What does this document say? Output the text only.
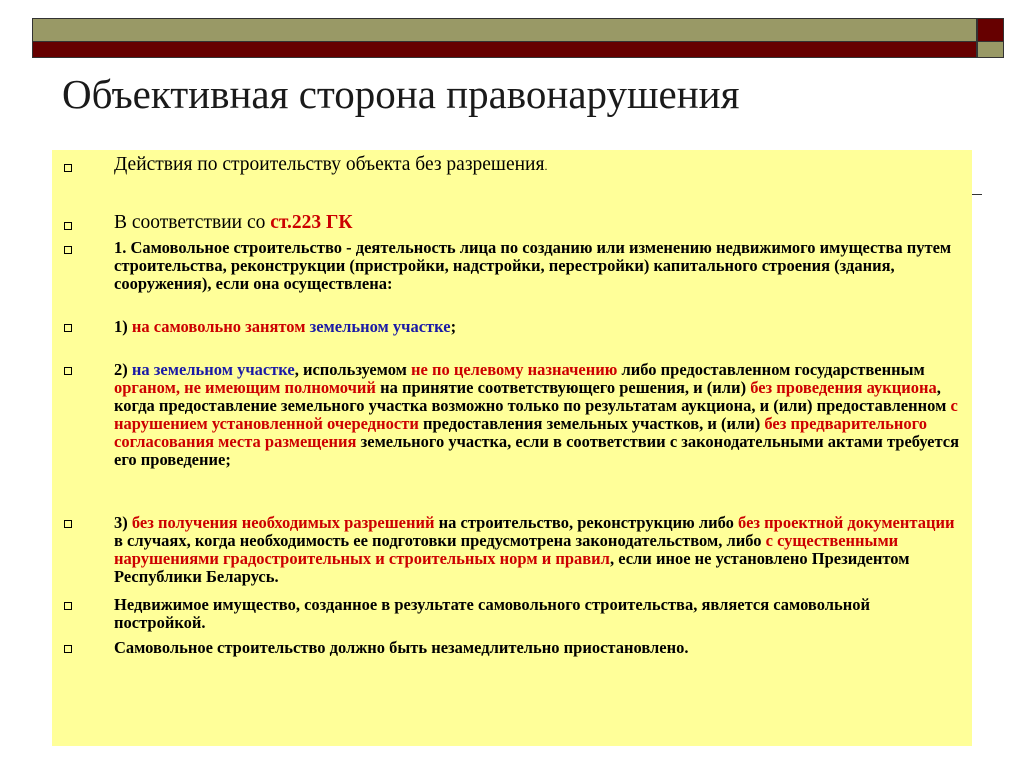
Объективная сторона правонарушения

Действия по строительству объекта без разрешения.

В соответствии со ст.223 ГК

1. Самовольное строительство - деятельность лица по созданию или изменению недвижимого имущества путем строительства, реконструкции (пристройки, надстройки, перестройки) капитального строения (здания, сооружения), если она осуществлена:

1) на самовольно занятом земельном участке;

2) на земельном участке, используемом не по целевому назначению либо предоставленном государственным органом, не имеющим полномочий на принятие соответствующего решения, и (или) без проведения аукциона, когда предоставление земельного участка возможно только по результатам аукциона, и (или) предоставленном с нарушением установленной очередности предоставления земельных участков, и (или) без предварительного согласования места размещения земельного участка, если в соответствии с законодательными актами требуется его проведение;

3) без получения необходимых разрешений на строительство, реконструкцию либо без проектной документации в случаях, когда необходимость ее подготовки предусмотрена законодательством, либо с существенными нарушениями градостроительных и строительных норм и правил, если иное не установлено Президентом Республики Беларусь.

Недвижимое имущество, созданное в результате самовольного строительства, является самовольной постройкой.

Самовольное строительство должно быть незамедлительно приостановлено.
